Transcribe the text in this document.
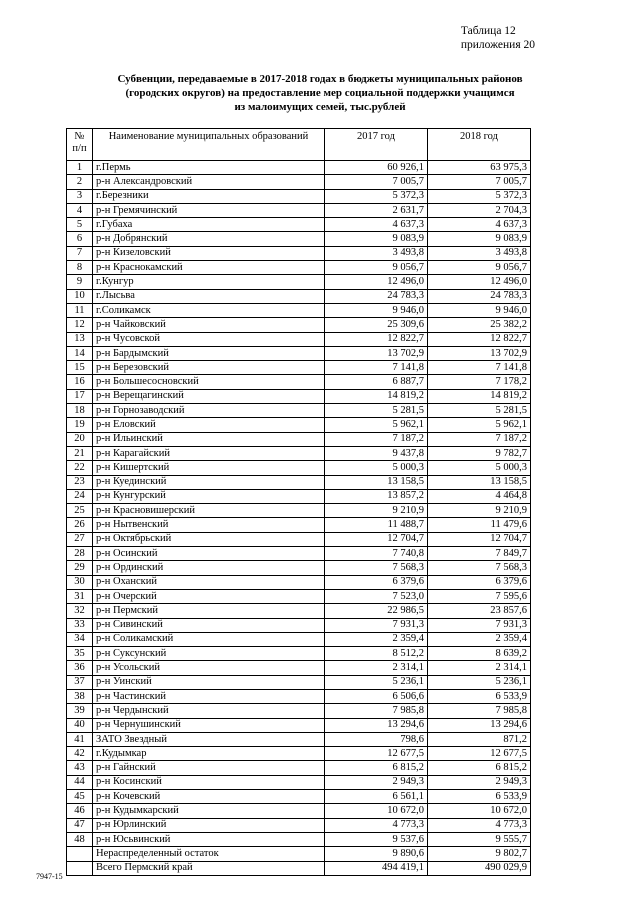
Таблица 12
приложения 20
Субвенции, передаваемые в 2017-2018 годах в бюджеты муниципальных районов
(городских округов) на предоставление мер социальной поддержки учащимся
из малоимущих семей, тыс.рублей
№
п/п	Наименование муниципальных образований	2017 год	2018 год
1	г.Пермь	60 926,1	63 975,3
2	р-н Александровский	7 005,7	7 005,7
3	г.Березники	5 372,3	5 372,3
4	р-н Гремячинский	2 631,7	2 704,3
5	г.Губаха	4 637,3	4 637,3
6	р-н Добрянский	9 083,9	9 083,9
7	р-н Кизеловский	3 493,8	3 493,8
8	р-н Краснокамский	9 056,7	9 056,7
9	г.Кунгур	12 496,0	12 496,0
10	г.Лысьва	24 783,3	24 783,3
11	г.Соликамск	9 946,0	9 946,0
12	р-н Чайковский	25 309,6	25 382,2
13	р-н Чусовской	12 822,7	12 822,7
14	р-н Бардымский	13 702,9	13 702,9
15	р-н Березовский	7 141,8	7 141,8
16	р-н Большесосновский	6 887,7	7 178,2
17	р-н Верещагинский	14 819,2	14 819,2
18	р-н Горнозаводский	5 281,5	5 281,5
19	р-н Еловский	5 962,1	5 962,1
20	р-н Ильинский	7 187,2	7 187,2
21	р-н Карагайский	9 437,8	9 782,7
22	р-н Кишертский	5 000,3	5 000,3
23	р-н Куединский	13 158,5	13 158,5
24	р-н Кунгурский	13 857,2	4 464,8
25	р-н Красновишерский	9 210,9	9 210,9
26	р-н Нытвенский	11 488,7	11 479,6
27	р-н Октябрьский	12 704,7	12 704,7
28	р-н Осинский	7 740,8	7 849,7
29	р-н Ординский	7 568,3	7 568,3
30	р-н Оханский	6 379,6	6 379,6
31	р-н Очерский	7 523,0	7 595,6
32	р-н Пермский	22 986,5	23 857,6
33	р-н Сивинский	7 931,3	7 931,3
34	р-н Соликамский	2 359,4	2 359,4
35	р-н Суксунский	8 512,2	8 639,2
36	р-н Усольский	2 314,1	2 314,1
37	р-н Уинский	5 236,1	5 236,1
38	р-н Частинский	6 506,6	6 533,9
39	р-н Чердынский	7 985,8	7 985,8
40	р-н Чернушинский	13 294,6	13 294,6
41	ЗАТО Звездный	798,6	871,2
42	г.Кудымкар	12 677,5	12 677,5
43	р-н Гайнский	6 815,2	6 815,2
44	р-н Косинский	2 949,3	2 949,3
45	р-н Кочевский	6 561,1	6 533,9
46	р-н Кудымкарский	10 672,0	10 672,0
47	р-н Юрлинский	4 773,3	4 773,3
48	р-н Юсьвинский	9 537,6	9 555,7
	Нераспределенный остаток	9 890,6	9 802,7
	Всего Пермский край	494 419,1	490 029,9
7947-15
